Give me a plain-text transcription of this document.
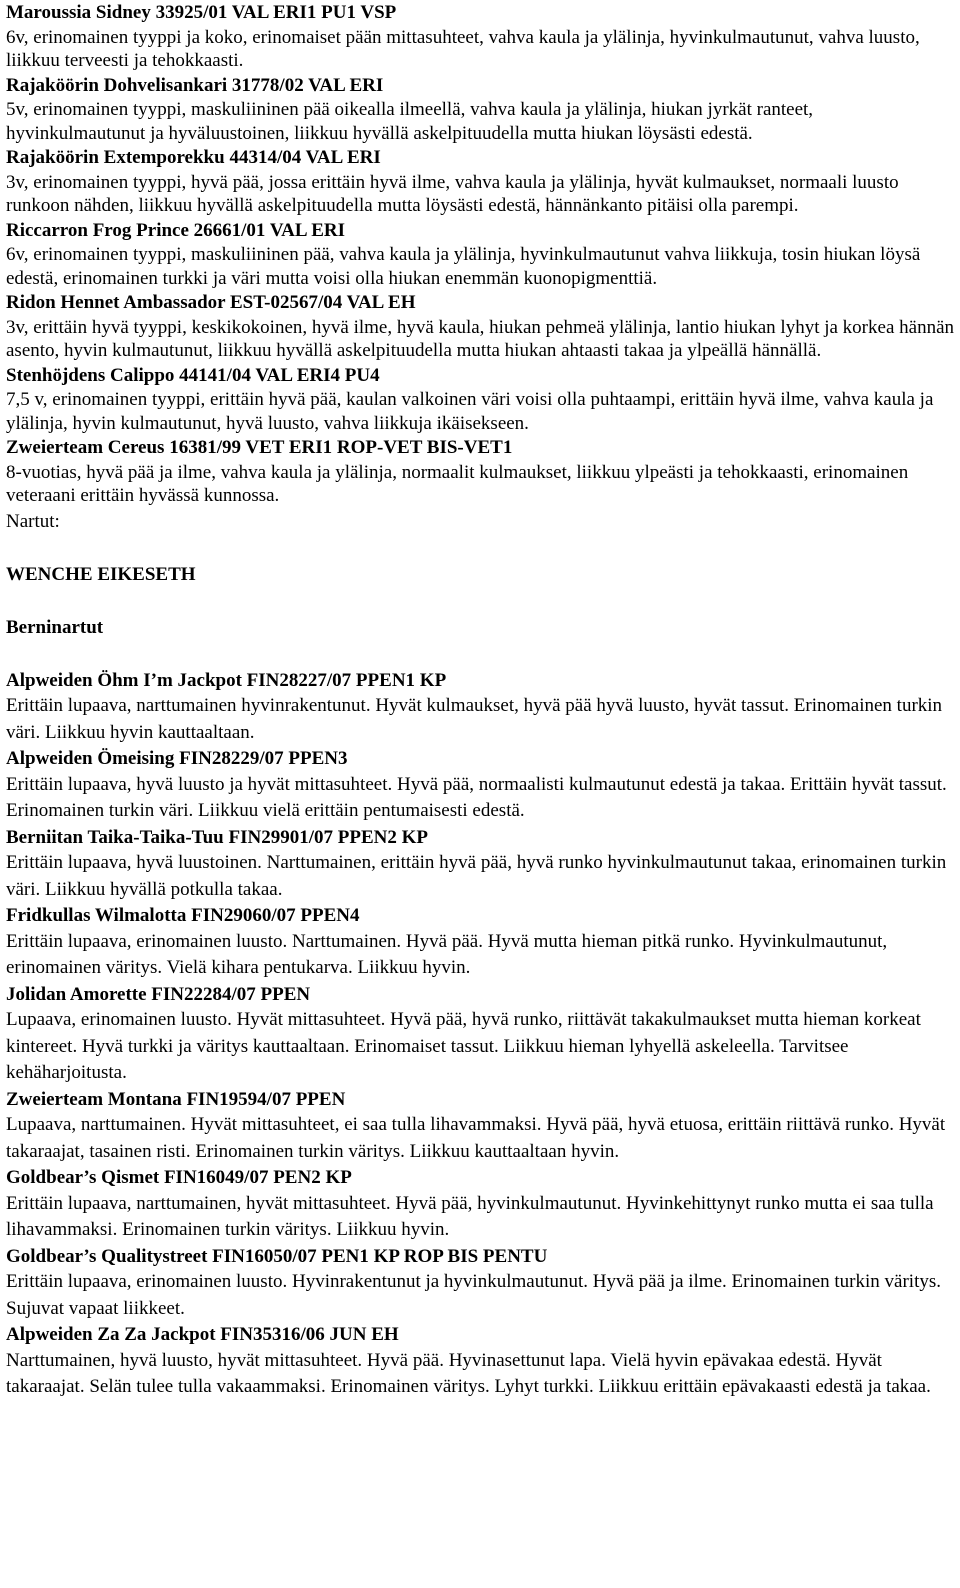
Maroussia Sidney 33925/01 VAL ERI1 PU1 VSP

6v, erinomainen tyyppi ja koko, erinomaiset pään mittasuhteet, vahva kaula ja ylälinja, hyvinkulmautunut, vahva luusto, liikkuu terveesti ja tehokkaasti.

Rajaköörin Dohvelisankari 31778/02 VAL ERI

5v, erinomainen tyyppi, maskuliininen pää oikealla ilmeellä, vahva kaula ja ylälinja, hiukan jyrkät ranteet, hyvinkulmautunut ja hyväluustoinen, liikkuu hyvällä askelpituudella mutta hiukan löysästi edestä.

Rajaköörin Extemporekku 44314/04 VAL ERI

3v, erinomainen tyyppi, hyvä pää, jossa erittäin hyvä ilme, vahva kaula ja ylälinja, hyvät kulmaukset, normaali luusto runkoon nähden, liikkuu hyvällä askelpituudella mutta löysästi edestä, hännänkanto pitäisi olla parempi.

Riccarron Frog Prince 26661/01 VAL ERI

6v, erinomainen tyyppi, maskuliininen pää, vahva kaula ja ylälinja, hyvinkulmautunut vahva liikkuja, tosin hiukan löysä edestä, erinomainen turkki ja väri mutta voisi olla hiukan enemmän kuonopigmenttiä.

Ridon Hennet Ambassador EST-02567/04 VAL EH

3v, erittäin hyvä tyyppi, keskikokoinen, hyvä ilme, hyvä kaula, hiukan pehmeä ylälinja, lantio hiukan lyhyt ja korkea hännän asento, hyvin kulmautunut, liikkuu hyvällä askelpituudella mutta hiukan ahtaasti takaa ja ylpeällä hännällä.

Stenhöjdens Calippo 44141/04 VAL ERI4 PU4

7,5 v, erinomainen tyyppi, erittäin hyvä pää, kaulan valkoinen väri voisi olla puhtaampi, erittäin hyvä ilme, vahva kaula ja ylälinja, hyvin kulmautunut, hyvä luusto, vahva liikkuja ikäisekseen.

Zweierteam Cereus 16381/99 VET ERI1 ROP-VET BIS-VET1

8-vuotias, hyvä pää ja ilme, vahva kaula ja ylälinja, normaalit kulmaukset, liikkuu ylpeästi ja tehokkaasti, erinomainen veteraani erittäin hyvässä kunnossa.

Nartut:

WENCHE EIKESETH

Berninartut

Alpweiden Öhm I’m Jackpot FIN28227/07 PPEN1 KP

Erittäin lupaava, narttumainen hyvinrakentunut. Hyvät kulmaukset, hyvä pää hyvä luusto, hyvät tassut. Erinomainen turkin väri. Liikkuu hyvin kauttaaltaan.

Alpweiden Ömeising FIN28229/07 PPEN3

Erittäin lupaava, hyvä luusto ja hyvät mittasuhteet. Hyvä pää, normaalisti kulmautunut edestä ja takaa. Erittäin hyvät tassut. Erinomainen turkin väri. Liikkuu vielä erittäin pentumaisesti edestä.

Berniitan Taika-Taika-Tuu FIN29901/07 PPEN2 KP

Erittäin lupaava, hyvä luustoinen. Narttumainen, erittäin hyvä pää, hyvä runko hyvinkulmautunut takaa, erinomainen turkin väri. Liikkuu hyvällä potkulla takaa.

Fridkullas Wilmalotta FIN29060/07 PPEN4

Erittäin lupaava, erinomainen luusto. Narttumainen. Hyvä pää. Hyvä mutta hieman pitkä runko. Hyvinkulmautunut, erinomainen väritys. Vielä kihara pentukarva. Liikkuu hyvin.

Jolidan Amorette FIN22284/07 PPEN

Lupaava, erinomainen luusto. Hyvät mittasuhteet. Hyvä pää, hyvä runko, riittävät takakulmaukset mutta hieman korkeat kintereet. Hyvä turkki ja väritys kauttaaltaan. Erinomaiset tassut. Liikkuu hieman lyhyellä askeleella. Tarvitsee kehäharjoitusta.

Zweierteam Montana FIN19594/07 PPEN

Lupaava, narttumainen. Hyvät mittasuhteet, ei saa tulla lihavammaksi. Hyvä pää, hyvä etuosa, erittäin riittävä runko. Hyvät takaraajat, tasainen risti. Erinomainen turkin väritys. Liikkuu kauttaaltaan hyvin.

Goldbear’s Qismet FIN16049/07 PEN2 KP

Erittäin lupaava, narttumainen, hyvät mittasuhteet. Hyvä pää, hyvinkulmautunut. Hyvinkehittynyt runko mutta ei saa tulla lihavammaksi. Erinomainen turkin väritys. Liikkuu hyvin.

Goldbear’s Qualitystreet FIN16050/07 PEN1 KP ROP BIS PENTU

Erittäin lupaava, erinomainen luusto. Hyvinrakentunut ja hyvinkulmautunut. Hyvä pää ja ilme. Erinomainen turkin väritys. Sujuvat vapaat liikkeet.

Alpweiden Za Za Jackpot FIN35316/06 JUN EH

Narttumainen, hyvä luusto, hyvät mittasuhteet. Hyvä pää. Hyvinasettunut lapa. Vielä hyvin epävakaa edestä. Hyvät takaraajat. Selän tulee tulla vakaammaksi. Erinomainen väritys. Lyhyt turkki. Liikkuu erittäin epävakaasti edestä ja takaa.
